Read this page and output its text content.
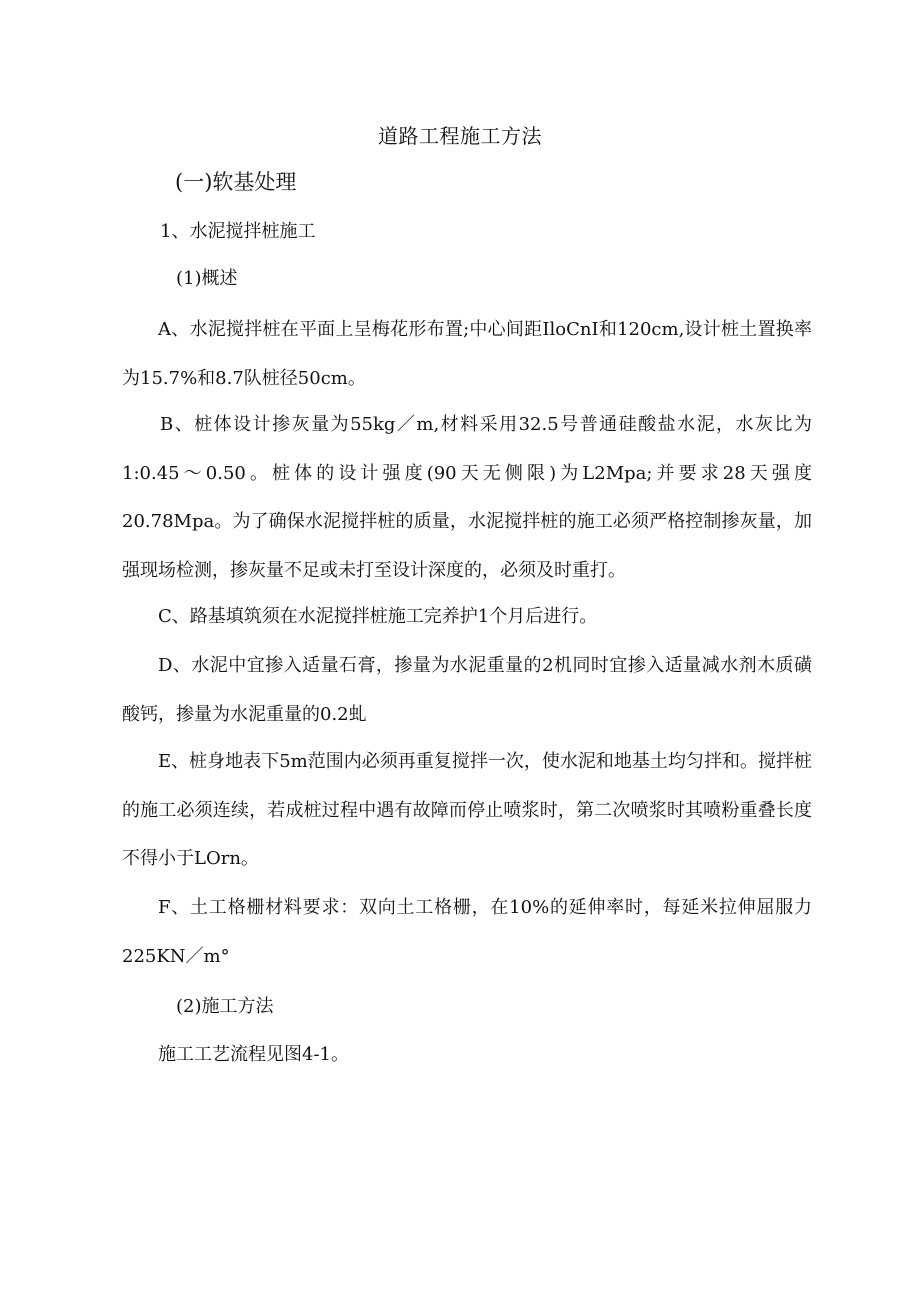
道路工程施工方法
(一)软基处理
1、水泥搅拌桩施工
(1)概述
A、水泥搅拌桩在平面上呈梅花形布置;中心间距IloCnI和120cm,设计桩土置换率为15.7%和8.7队桩径50cm。
B、桩体设计掺灰量为55kg／m,材料采用32.5号普通硅酸盐水泥，水灰比为1:0.45～0.50。桩体的设计强度(90天无侧限)为L2Mpa;并要求28天强度20.78Mpa。为了确保水泥搅拌桩的质量，水泥搅拌桩的施工必须严格控制掺灰量，加强现场检测，掺灰量不足或未打至设计深度的，必须及时重打。
C、路基填筑须在水泥搅拌桩施工完养护1个月后进行。
D、水泥中宜掺入适量石膏，掺量为水泥重量的2机同时宜掺入适量减水剂木质磺酸钙，掺量为水泥重量的0.2虬
E、桩身地表下5m范围内必须再重复搅拌一次，使水泥和地基土均匀拌和。搅拌桩的施工必须连续，若成桩过程中遇有故障而停止喷浆时，第二次喷浆时其喷粉重叠长度不得小于LOrn。
F、土工格栅材料要求：双向土工格栅，在10%的延伸率时，每延米拉伸屈服力225KN／m°
(2)施工方法
施工工艺流程见图4-1。
